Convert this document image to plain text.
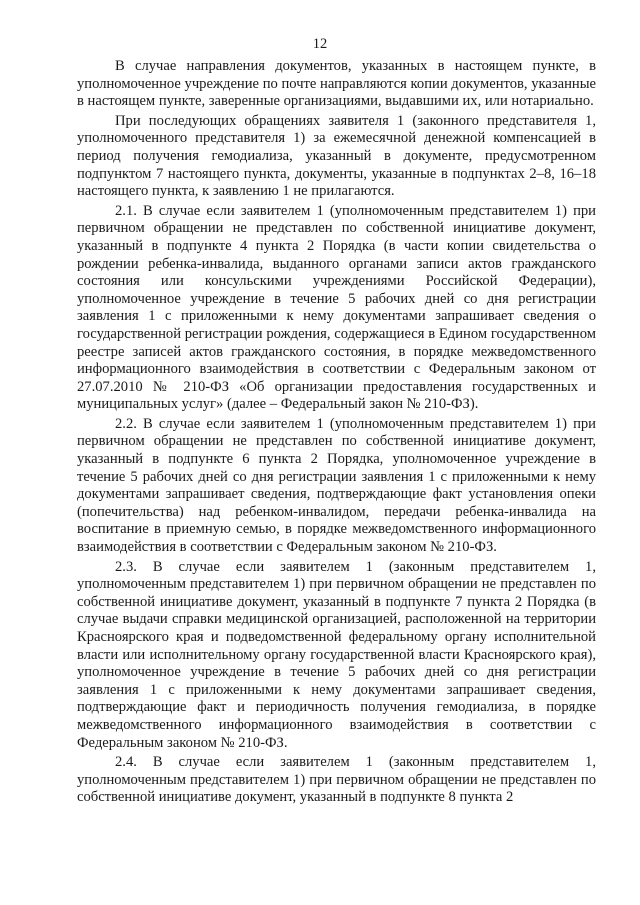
12

В случае направления документов, указанных в настоящем пункте, в уполномоченное учреждение по почте направляются копии документов, указанные в настоящем пункте, заверенные организациями, выдавшими их, или нотариально.

При последующих обращениях заявителя 1 (законного представителя 1, уполномоченного представителя 1) за ежемесячной денежной компенсацией в период получения гемодиализа, указанный в документе, предусмотренном подпунктом 7 настоящего пункта, документы, указанные в подпунктах 2–8, 16–18 настоящего пункта, к заявлению 1 не прилагаются.

2.1. В случае если заявителем 1 (уполномоченным представителем 1) при первичном обращении не представлен по собственной инициативе документ, указанный в подпункте 4 пункта 2 Порядка (в части копии свидетельства о рождении ребенка-инвалида, выданного органами записи актов гражданского состояния или консульскими учреждениями Российской Федерации), уполномоченное учреждение в течение 5 рабочих дней со дня регистрации заявления 1 с приложенными к нему документами запрашивает сведения о государственной регистрации рождения, содержащиеся в Едином государственном реестре записей актов гражданского состояния, в порядке межведомственного информационного взаимодействия в соответствии с Федеральным законом от 27.07.2010 № 210-ФЗ «Об организации предоставления государственных и муниципальных услуг» (далее – Федеральный закон № 210-ФЗ).

2.2. В случае если заявителем 1 (уполномоченным представителем 1) при первичном обращении не представлен по собственной инициативе документ, указанный в подпункте 6 пункта 2 Порядка, уполномоченное учреждение в течение 5 рабочих дней со дня регистрации заявления 1 с приложенными к нему документами запрашивает сведения, подтверждающие факт установления опеки (попечительства) над ребенком-инвалидом, передачи ребенка-инвалида на воспитание в приемную семью, в порядке межведомственного информационного взаимодействия в соответствии с Федеральным законом № 210-ФЗ.

2.3. В случае если заявителем 1 (законным представителем 1, уполномоченным представителем 1) при первичном обращении не представлен по собственной инициативе документ, указанный в подпункте 7 пункта 2 Порядка (в случае выдачи справки медицинской организацией, расположенной на территории Красноярского края и подведомственной федеральному органу исполнительной власти или исполнительному органу государственной власти Красноярского края), уполномоченное учреждение в течение 5 рабочих дней со дня регистрации заявления 1 с приложенными к нему документами запрашивает сведения, подтверждающие факт и периодичность получения гемодиализа, в порядке межведомственного информационного взаимодействия в соответствии с Федеральным законом № 210-ФЗ.

2.4. В случае если заявителем 1 (законным представителем 1, уполномоченным представителем 1) при первичном обращении не представлен по собственной инициативе документ, указанный в подпункте 8 пункта 2
